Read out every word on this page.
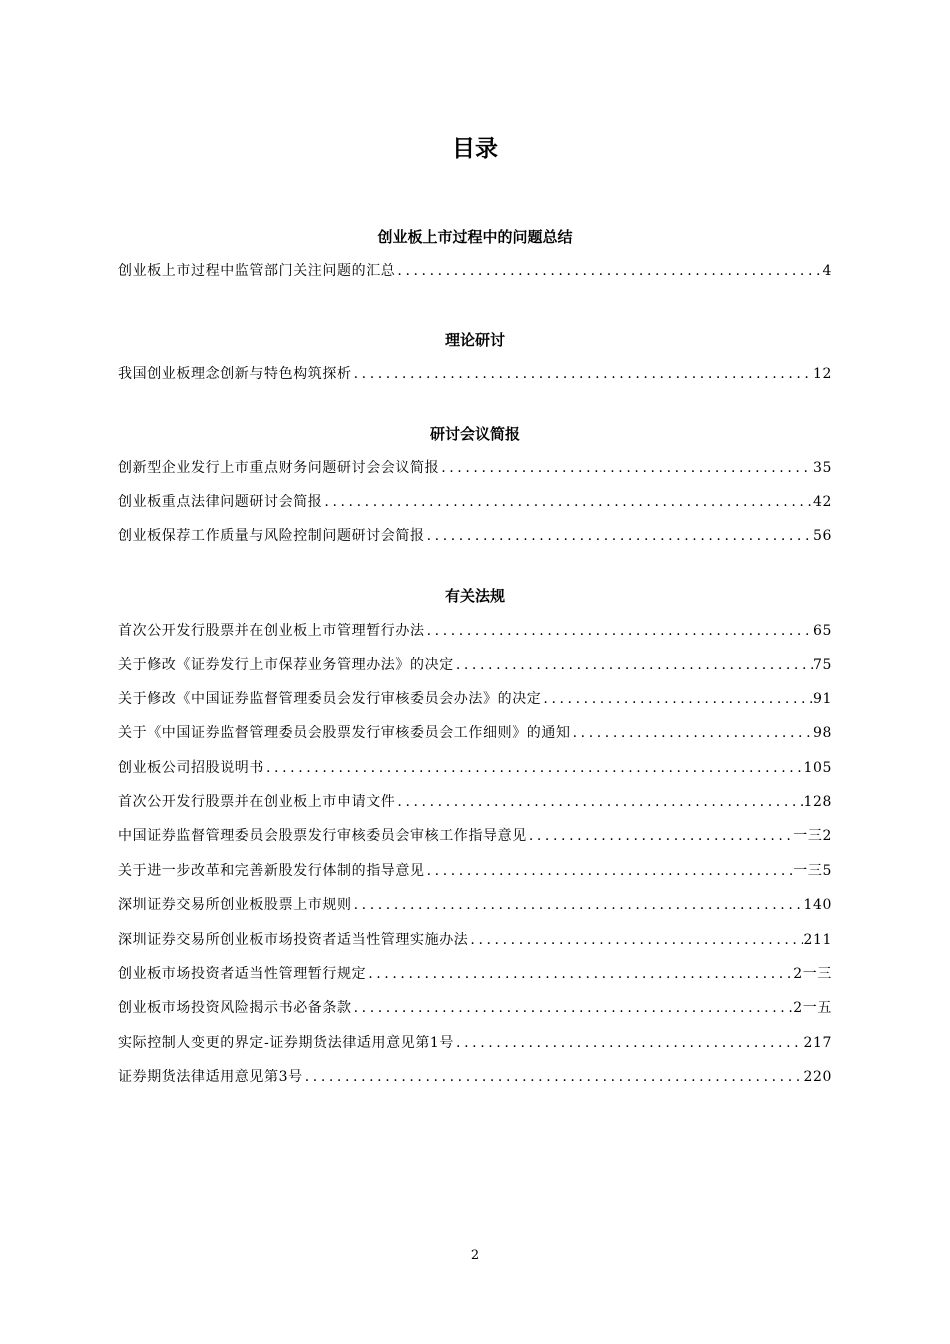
目录
创业板上市过程中的问题总结
创业板上市过程中监管部门关注问题的汇总 .....	4
理论研讨
我国创业板理念创新与特色构筑探析 .....	12
研讨会议简报
创新型企业发行上市重点财务问题研讨会会议简报 .....	35
创业板重点法律问题研讨会简报 .....	42
创业板保荐工作质量与风险控制问题研讨会简报 .....	56
有关法规
首次公开发行股票并在创业板上市管理暂行办法 .....	65
关于修改《证券发行上市保荐业务管理办法》的决定 .....	75
关于修改《中国证券监督管理委员会发行审核委员会办法》的决定 .....	91
关于《中国证券监督管理委员会股票发行审核委员会工作细则》的通知 .....	98
创业板公司招股说明书 .....	105
首次公开发行股票并在创业板上市申请文件 .....	128
中国证券监督管理委员会股票发行审核委员会审核工作指导意见 .....	一三2
关于进一步改革和完善新股发行体制的指导意见 .....	一三5
深圳证券交易所创业板股票上市规则 .....	140
深圳证券交易所创业板市场投资者适当性管理实施办法 .....	211
创业板市场投资者适当性管理暂行规定 .....	2一三
创业板市场投资风险揭示书必备条款 .....	2一五
实际控制人变更的界定-证券期货法律适用意见第1号 .....	217
证券期货法律适用意见第3号 .....	220
2
